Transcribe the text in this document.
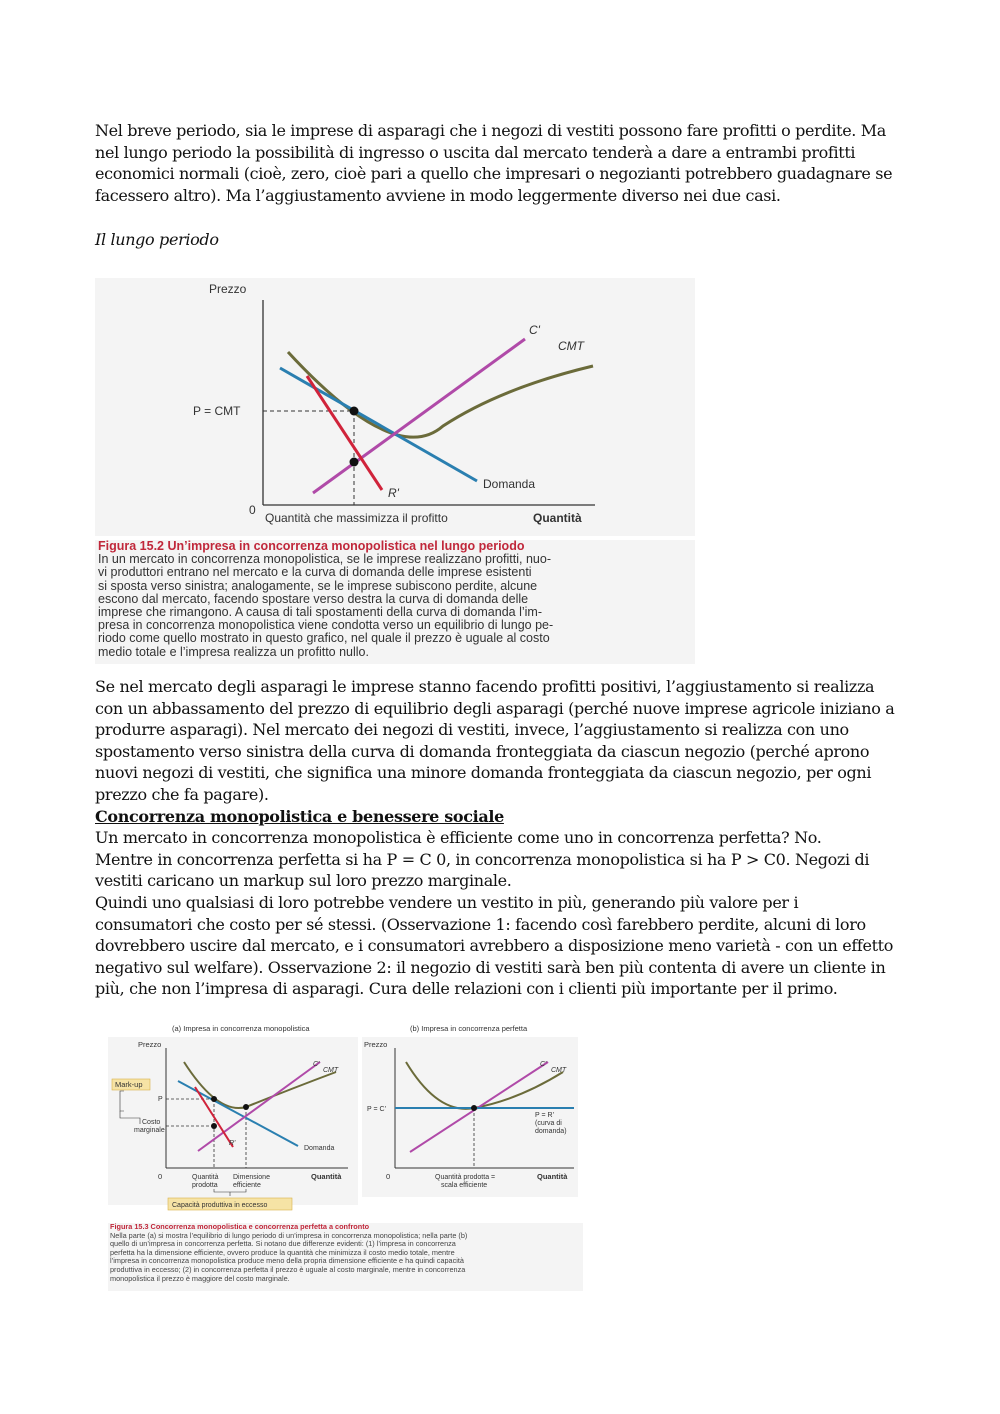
Nel breve periodo, sia le imprese di asparagi che i negozi di vestiti possono fare profitti o perdite. Ma
nel lungo periodo la possibilità di ingresso o uscita dal mercato tenderà a dare a entrambi profitti
economici normali (cioè, zero, cioè pari a quello che impresari o negozianti potrebbero guadagnare se
facessero altro). Ma l’aggiustamento avviene in modo leggermente diverso nei due casi.
Il lungo periodo
Prezzo
Quantità
0
P = CMT
Quantità che massimizza il profitto
C'
CMT
Domanda
R'
Figura 15.2 Un’impresa in concorrenza monopolistica nel lungo periodo
In un mercato in concorrenza monopolistica, se le imprese realizzano profitti, nuo-
vi produttori entrano nel mercato e la curva di domanda delle imprese esistenti
si sposta verso sinistra; analogamente, se le imprese subiscono perdite, alcune
escono dal mercato, facendo spostare verso destra la curva di domanda delle
imprese che rimangono. A causa di tali spostamenti della curva di domanda l’im-
presa in concorrenza monopolistica viene condotta verso un equilibrio di lungo pe-
riodo come quello mostrato in questo grafico, nel quale il prezzo è uguale al costo
medio totale e l’impresa realizza un profitto nullo.
Se nel mercato degli asparagi le imprese stanno facendo profitti positivi, l’aggiustamento si realizza
con un abbassamento del prezzo di equilibrio degli asparagi (perché nuove imprese agricole iniziano a
produrre asparagi). Nel mercato dei negozi di vestiti, invece, l’aggiustamento si realizza con uno
spostamento verso sinistra della curva di domanda fronteggiata da ciascun negozio (perché aprono
nuovi negozi di vestiti, che significa una minore domanda fronteggiata da ciascun negozio, per ogni
prezzo che fa pagare).
Concorrenza monopolistica e benessere sociale
Un mercato in concorrenza monopolistica è efficiente come uno in concorrenza perfetta? No.
Mentre in concorrenza perfetta si ha P = C 0, in concorrenza monopolistica si ha P > C0. Negozi di
vestiti caricano un markup sul loro prezzo marginale.
Quindi uno qualsiasi di loro potrebbe vendere un vestito in più, generando più valore per i
consumatori che costo per sé stessi. (Osservazione 1: facendo così farebbero perdite, alcuni di loro
dovrebbero uscire dal mercato, e i consumatori avrebbero a disposizione meno varietà - con un effetto
negativo sul welfare). Osservazione 2: il negozio di vestiti sarà ben più contenta di avere un cliente in
più, che non l’impresa di asparagi. Cura delle relazioni con i clienti più importante per il primo.
(a) Impresa in concorrenza monopolistica	(b) Impresa in concorrenza perfetta
Prezzo
Quantità
0
Mark-up
P
Costo
marginale
C'
CMT
R'
Domanda
Quantità
prodotta
Dimensione
efficiente
Capacità produttiva in eccesso
Prezzo
Quantità
0
P = C'
C'
CMT
P = R'
(curva di
domanda)
Quantità prodotta =
scala efficiente
Figura 15.3 Concorrenza monopolistica e concorrenza perfetta a confronto
Nella parte (a) si mostra l’equilibrio di lungo periodo di un’impresa in concorrenza monopolistica; nella parte (b)
quello di un’impresa in concorrenza perfetta. Si notano due differenze evidenti: (1) l’impresa in concorrenza
perfetta ha la dimensione efficiente, ovvero produce la quantità che minimizza il costo medio totale, mentre
l’impresa in concorrenza monopolistica produce meno della propria dimensione efficiente e ha quindi capacità
produttiva in eccesso; (2) in concorrenza perfetta il prezzo è uguale al costo marginale, mentre in concorrenza
monopolistica il prezzo è maggiore del costo marginale.
